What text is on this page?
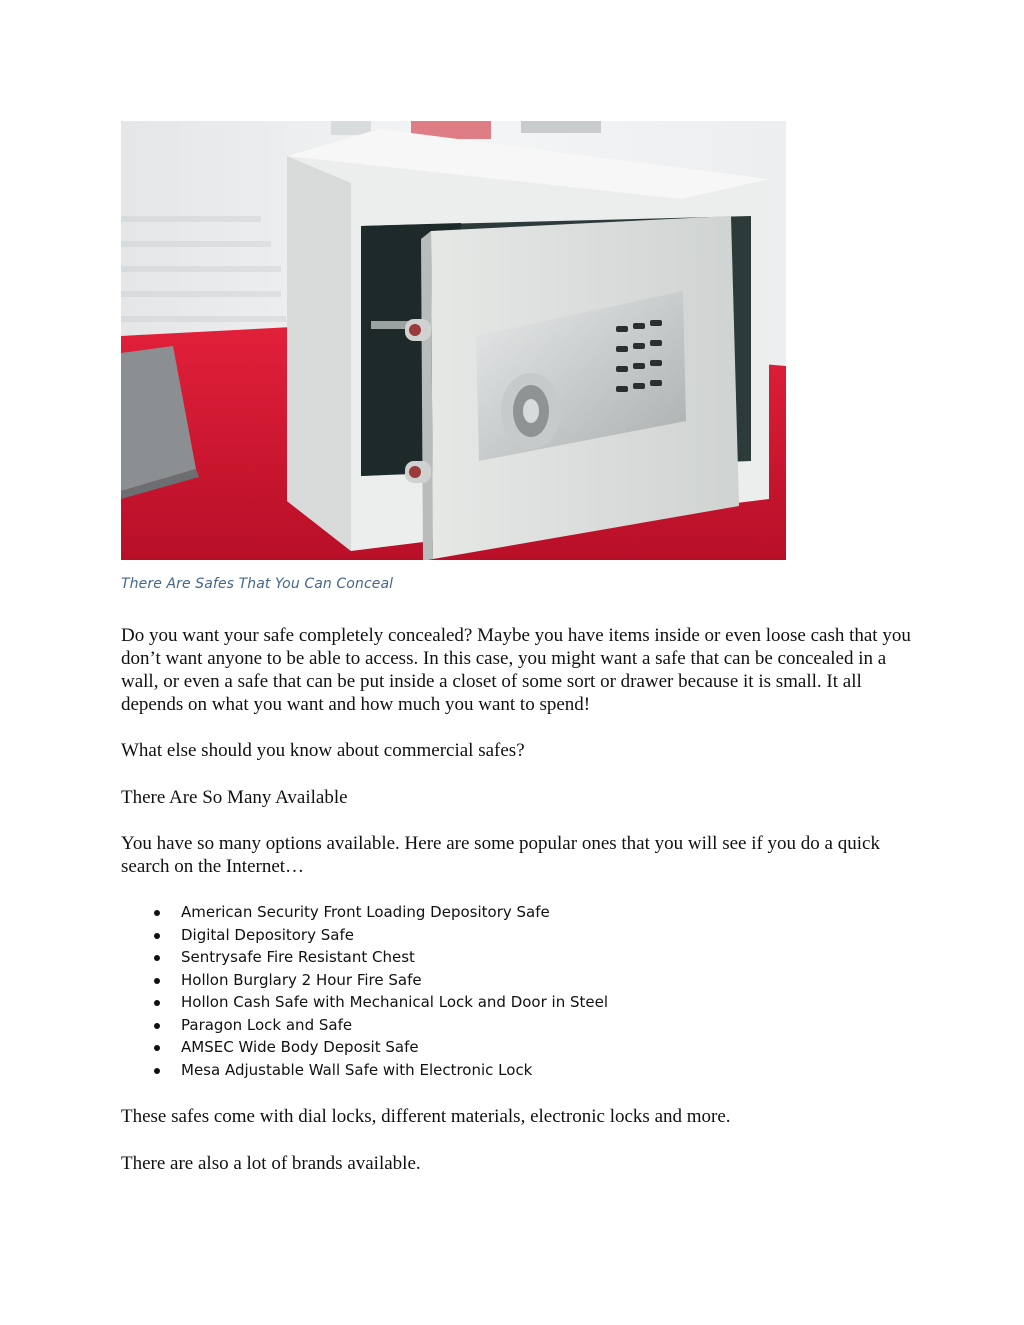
There Are Safes That You Can Conceal

Do you want your safe completely concealed? Maybe you have items inside or even loose cash that you don’t want anyone to be able to access. In this case, you might want a safe that can be concealed in a wall, or even a safe that can be put inside a closet of some sort or drawer because it is small. It all depends on what you want and how much you want to spend!

What else should you know about commercial safes?

There Are So Many Available

You have so many options available. Here are some popular ones that you will see if you do a quick search on the Internet…

American Security Front Loading Depository Safe
Digital Depository Safe
Sentrysafe Fire Resistant Chest
Hollon Burglary 2 Hour Fire Safe
Hollon Cash Safe with Mechanical Lock and Door in Steel
Paragon Lock and Safe
AMSEC Wide Body Deposit Safe
Mesa Adjustable Wall Safe with Electronic Lock

These safes come with dial locks, different materials, electronic locks and more.

There are also a lot of brands available.
